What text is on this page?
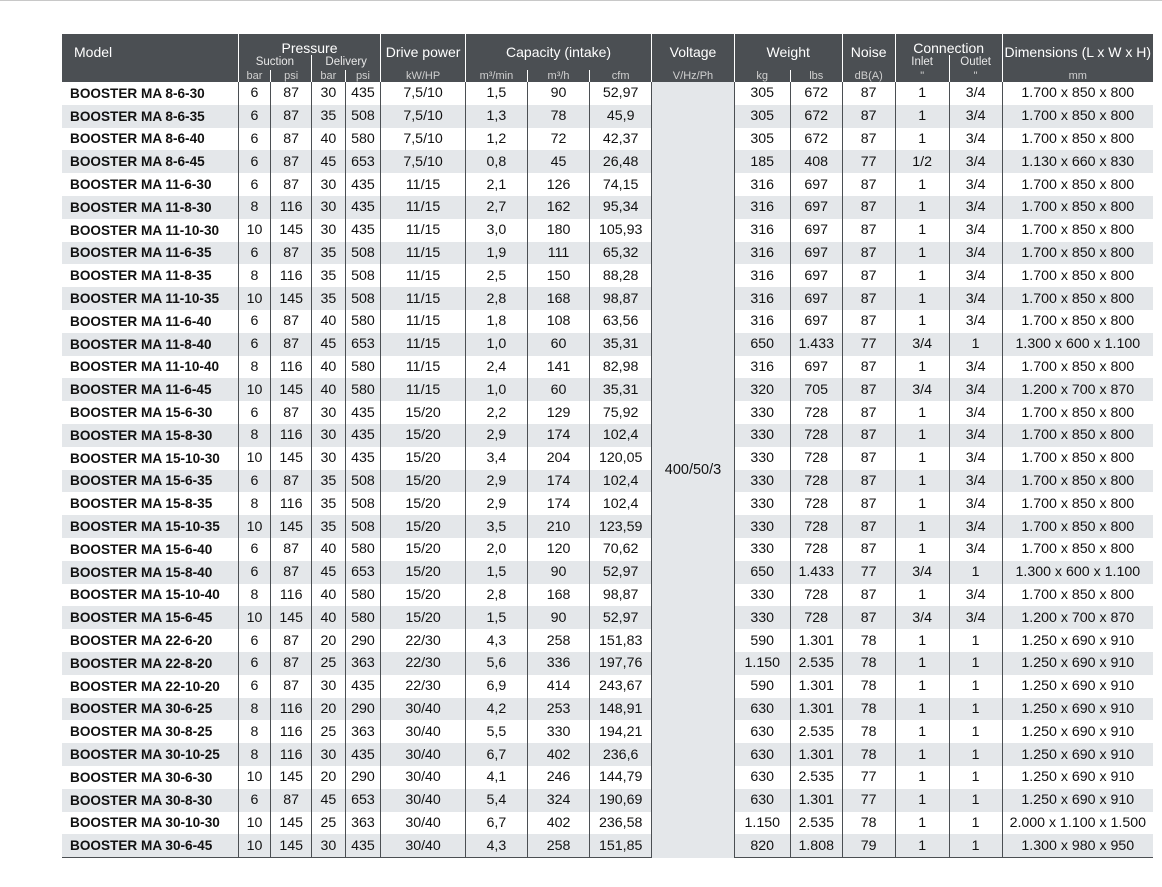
Model	Pressure				Drive power	Capacity (intake)			Voltage	Weight		Noise	Connection		Dimensions (L x W x H)
	Suction		Delivery										Inlet	Outlet	
	bar	psi	bar	psi	kW/HP	m³/min	m³/h	cfm	V/Hz/Ph	kg	lbs	dB(A)	"	"	mm
BOOSTER MA 8-6-30	6	87	30	435	7,5/10	1,5	90	52,97	400/50/3	305	672	87	1	3/4	1.700 x 850 x 800
BOOSTER MA 8-6-35	6	87	35	508	7,5/10	1,3	78	45,9		305	672	87	1	3/4	1.700 x 850 x 800
BOOSTER MA 8-6-40	6	87	40	580	7,5/10	1,2	72	42,37		305	672	87	1	3/4	1.700 x 850 x 800
BOOSTER MA 8-6-45	6	87	45	653	7,5/10	0,8	45	26,48		185	408	77	1/2	3/4	1.130 x 660 x 830
BOOSTER MA 11-6-30	6	87	30	435	11/15	2,1	126	74,15		316	697	87	1	3/4	1.700 x 850 x 800
BOOSTER MA 11-8-30	8	116	30	435	11/15	2,7	162	95,34		316	697	87	1	3/4	1.700 x 850 x 800
BOOSTER MA 11-10-30	10	145	30	435	11/15	3,0	180	105,93		316	697	87	1	3/4	1.700 x 850 x 800
BOOSTER MA 11-6-35	6	87	35	508	11/15	1,9	111	65,32		316	697	87	1	3/4	1.700 x 850 x 800
BOOSTER MA 11-8-35	8	116	35	508	11/15	2,5	150	88,28		316	697	87	1	3/4	1.700 x 850 x 800
BOOSTER MA 11-10-35	10	145	35	508	11/15	2,8	168	98,87		316	697	87	1	3/4	1.700 x 850 x 800
BOOSTER MA 11-6-40	6	87	40	580	11/15	1,8	108	63,56		316	697	87	1	3/4	1.700 x 850 x 800
BOOSTER MA 11-8-40	6	87	45	653	11/15	1,0	60	35,31		650	1.433	77	3/4	1	1.300 x 600 x 1.100
BOOSTER MA 11-10-40	8	116	40	580	11/15	2,4	141	82,98		316	697	87	1	3/4	1.700 x 850 x 800
BOOSTER MA 11-6-45	10	145	40	580	11/15	1,0	60	35,31		320	705	87	3/4	3/4	1.200 x 700 x 870
BOOSTER MA 15-6-30	6	87	30	435	15/20	2,2	129	75,92		330	728	87	1	3/4	1.700 x 850 x 800
BOOSTER MA 15-8-30	8	116	30	435	15/20	2,9	174	102,4		330	728	87	1	3/4	1.700 x 850 x 800
BOOSTER MA 15-10-30	10	145	30	435	15/20	3,4	204	120,05		330	728	87	1	3/4	1.700 x 850 x 800
BOOSTER MA 15-6-35	6	87	35	508	15/20	2,9	174	102,4		330	728	87	1	3/4	1.700 x 850 x 800
BOOSTER MA 15-8-35	8	116	35	508	15/20	2,9	174	102,4		330	728	87	1	3/4	1.700 x 850 x 800
BOOSTER MA 15-10-35	10	145	35	508	15/20	3,5	210	123,59		330	728	87	1	3/4	1.700 x 850 x 800
BOOSTER MA 15-6-40	6	87	40	580	15/20	2,0	120	70,62		330	728	87	1	3/4	1.700 x 850 x 800
BOOSTER MA 15-8-40	6	87	45	653	15/20	1,5	90	52,97		650	1.433	77	3/4	1	1.300 x 600 x 1.100
BOOSTER MA 15-10-40	8	116	40	580	15/20	2,8	168	98,87		330	728	87	1	3/4	1.700 x 850 x 800
BOOSTER MA 15-6-45	10	145	40	580	15/20	1,5	90	52,97		330	728	87	3/4	3/4	1.200 x 700 x 870
BOOSTER MA 22-6-20	6	87	20	290	22/30	4,3	258	151,83		590	1.301	78	1	1	1.250 x 690 x 910
BOOSTER MA 22-8-20	6	87	25	363	22/30	5,6	336	197,76		1.150	2.535	78	1	1	1.250 x 690 x 910
BOOSTER MA 22-10-20	6	87	30	435	22/30	6,9	414	243,67		590	1.301	78	1	1	1.250 x 690 x 910
BOOSTER MA 30-6-25	8	116	20	290	30/40	4,2	253	148,91		630	1.301	78	1	1	1.250 x 690 x 910
BOOSTER MA 30-8-25	8	116	25	363	30/40	5,5	330	194,21		630	2.535	78	1	1	1.250 x 690 x 910
BOOSTER MA 30-10-25	8	116	30	435	30/40	6,7	402	236,6		630	1.301	78	1	1	1.250 x 690 x 910
BOOSTER MA 30-6-30	10	145	20	290	30/40	4,1	246	144,79		630	2.535	77	1	1	1.250 x 690 x 910
BOOSTER MA 30-8-30	6	87	45	653	30/40	5,4	324	190,69		630	1.301	77	1	1	1.250 x 690 x 910
BOOSTER MA 30-10-30	10	145	25	363	30/40	6,7	402	236,58		1.150	2.535	78	1	1	2.000 x 1.100 x 1.500
BOOSTER MA 30-6-45	10	145	30	435	30/40	4,3	258	151,85		820	1.808	79	1	1	1.300 x 980 x 950
